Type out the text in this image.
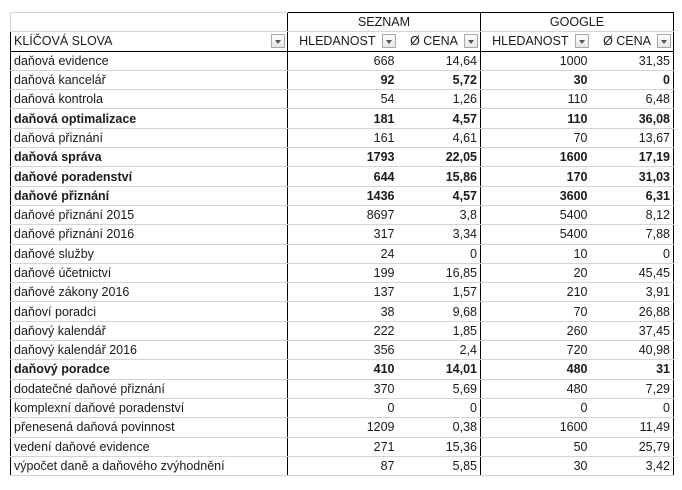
	SEZNAM		GOOGLE	
KLÍČOVÁ SLOVA	HLEDANOST	Ø CENA	HLEDANOST	Ø CENA

daňová evidence	668	14,64	1000	31,35
daňová kancelář	92	5,72	30	0
daňová kontrola	54	1,26	110	6,48
daňová optimalizace	181	4,57	110	36,08
daňová přiznání	161	4,61	70	13,67
daňová správa	1793	22,05	1600	17,19
daňové poradenství	644	15,86	170	31,03
daňové přiznání	1436	4,57	3600	6,31
daňové přiznání 2015	8697	3,8	5400	8,12
daňové přiznání 2016	317	3,34	5400	7,88
daňové služby	24	0	10	0
daňové účetnictví	199	16,85	20	45,45
daňové zákony 2016	137	1,57	210	3,91
daňoví poradci	38	9,68	70	26,88
daňový kalendář	222	1,85	260	37,45
daňový kalendář 2016	356	2,4	720	40,98
daňový poradce	410	14,01	480	31
dodatečné daňové přiznání	370	5,69	480	7,29
komplexní daňové poradenství	0	0	0	0
přenesená daňová povinnost	1209	0,38	1600	11,49
vedení daňové evidence	271	15,36	50	25,79
výpočet daně a daňového zvýhodnění	87	5,85	30	3,42
